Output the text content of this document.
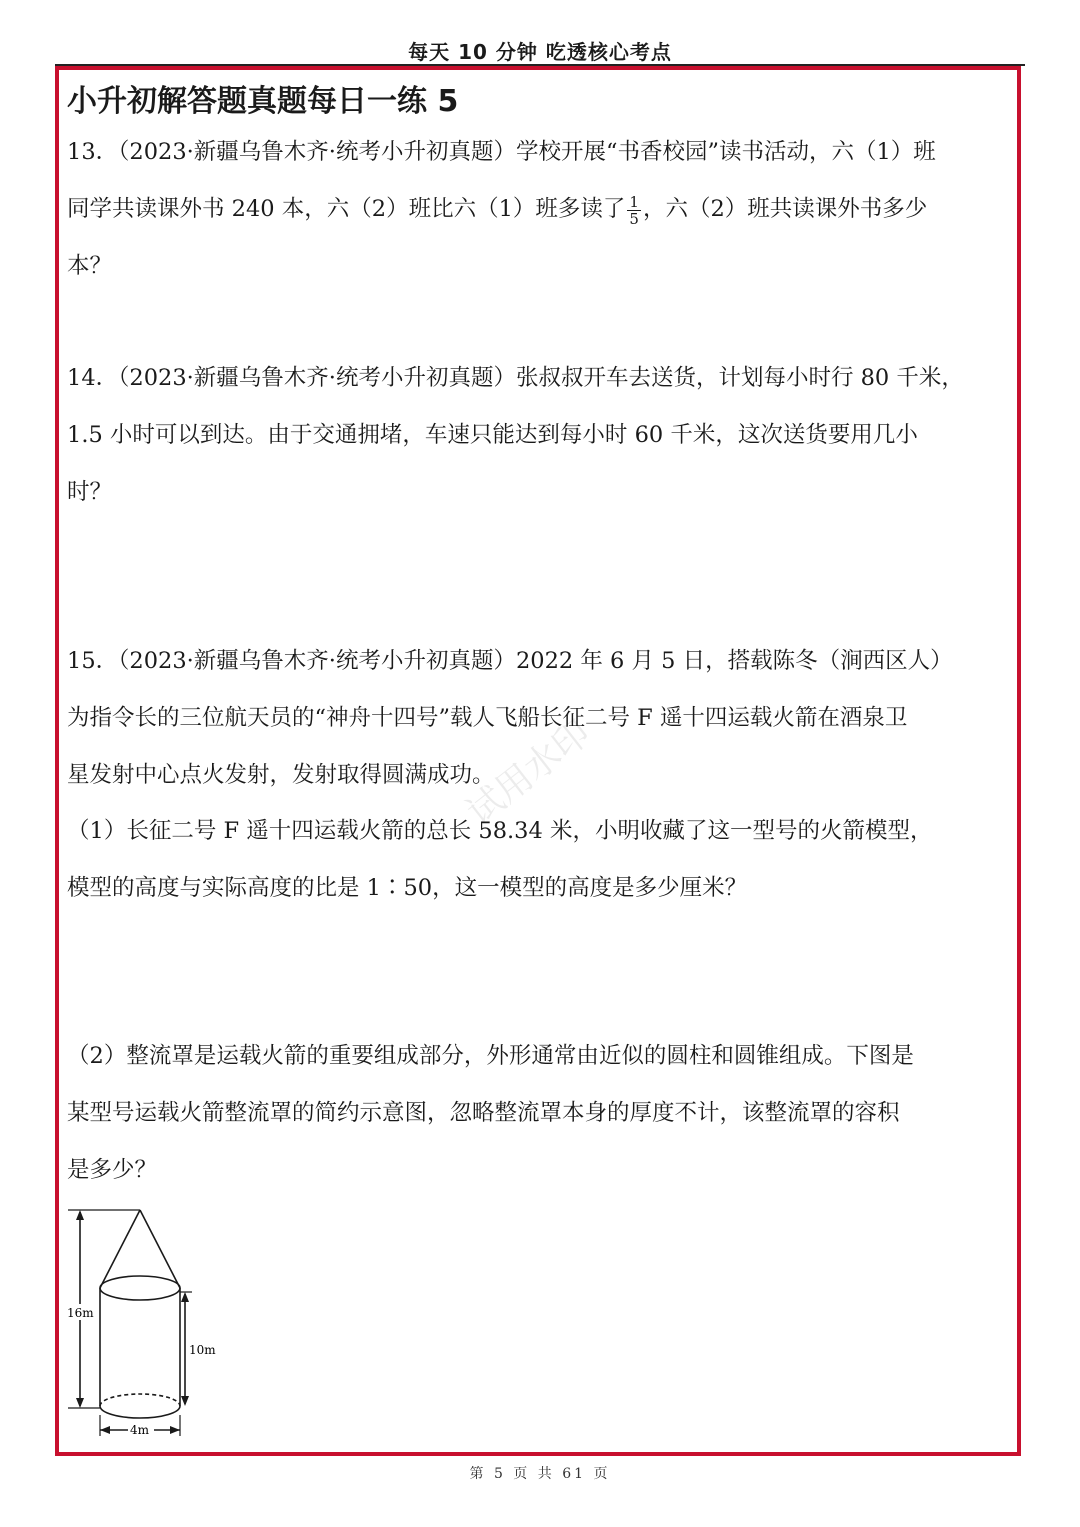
每天 10 分钟 吃透核心考点
小升初解答题真题每日一练 5
13．（2023·新疆乌鲁木齐·统考小升初真题）学校开展“书香校园”读书活动，六（1）班
同学共读课外书 240 本，六（2）班比六（1）班多读了 $\frac{1}{5}$ ，六（2）班共读课外书多少
本？
14．（2023·新疆乌鲁木齐·统考小升初真题）张叔叔开车去送货，计划每小时行 80 千米，
1.5 小时可以到达。由于交通拥堵，车速只能达到每小时 60 千米，这次送货要用几小
时？
15．（2023·新疆乌鲁木齐·统考小升初真题）2022 年 6 月 5 日，搭载陈冬（涧西区人）
为指令长的三位航天员的“神舟十四号”载人飞船长征二号 F 遥十四运载火箭在酒泉卫
星发射中心点火发射，发射取得圆满成功。
（1）长征二号 F 遥十四运载火箭的总长 58.34 米，小明收藏了这一型号的火箭模型，
模型的高度与实际高度的比是 1∶50，这一模型的高度是多少厘米？
（2）整流罩是运载火箭的重要组成部分，外形通常由近似的圆柱和圆锥组成。下图是
某型号运载火箭整流罩的简约示意图，忽略整流罩本身的厚度不计，该整流罩的容积
是多少？
试用水印
16m
10m
4m
第 5 页 共 61 页
